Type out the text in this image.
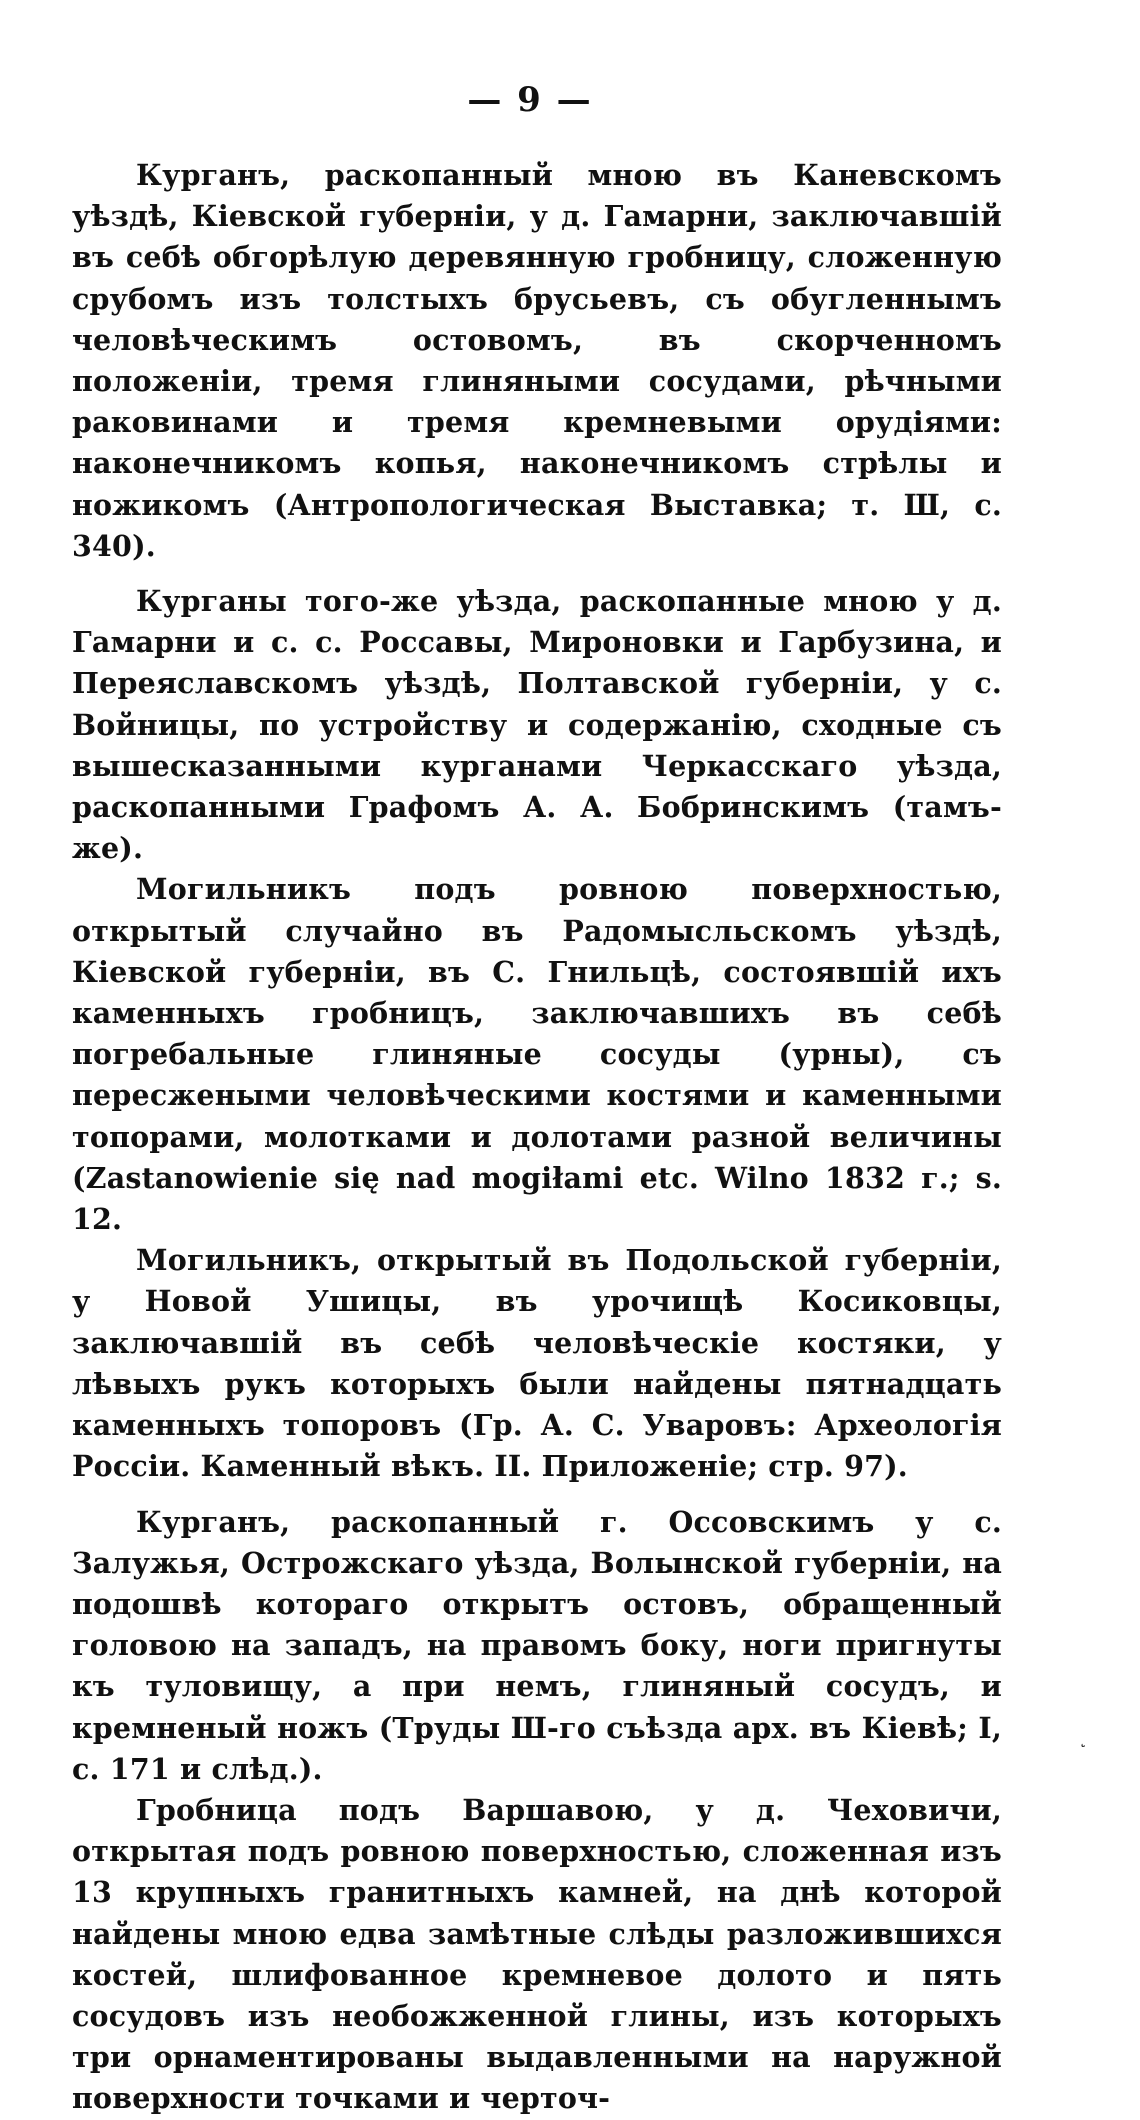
— 9 —

Курганъ, раскопанный мною въ Каневскомъ уѣздѣ, Кіевской губерніи, у д. Гамарни, заключавшій въ себѣ обгорѣлую деревянную гробницу, сложенную срубомъ изъ толстыхъ брусьевъ, съ обугленнымъ человѣческимъ остовомъ, въ скорченномъ положеніи, тремя глиняными сосудами, рѣчными раковинами и тремя кремневыми орудіями: наконечникомъ копья, наконечникомъ стрѣлы и ножикомъ (Антропологическая Выставка; т. Ш, с. 340).

Курганы того-же уѣзда, раскопанные мною у д. Гамарни и с. с. Россавы, Мироновки и Гарбузина, и Переяславскомъ уѣздѣ, Полтавской губерніи, у с. Войницы, по устройству и содержанію, сходные съ вышесказанными курганами Черкасскаго уѣзда, раскопанными Графомъ А. А. Бобринскимъ (тамъ-же).

Могильникъ подъ ровною поверхностью, открытый случайно въ Радомысльскомъ уѣздѣ, Кіевской губерніи, въ С. Гнильцѣ, состоявшій ихъ каменныхъ гробницъ, заключавшихъ въ себѣ погребальные глиняные сосуды (урны), съ пересжеными человѣческими костями и каменными топорами, молотками и долотами разной величины (Zastanowienie się nad mogiłami etc. Wilno 1832 г.; s. 12.

Могильникъ, открытый въ Подольской губерніи, у Новой Ушицы, въ урочищѣ Косиковцы, заключавшій въ себѣ человѣческіе костяки, у лѣвыхъ рукъ которыхъ были найдены пятнадцать каменныхъ топоровъ (Гр. А. С. Уваровъ: Археологія Россіи. Каменный вѣкъ. II. Приложеніе; стр. 97).

Курганъ, раскопанный г. Оссовскимъ у с. Залужья, Острожскаго уѣзда, Волынской губерніи, на подошвѣ котораго открытъ остовъ, обращенный головою на западъ, на правомъ боку, ноги пригнуты къ туловищу, а при немъ, глиняный сосудъ, и кремненый ножъ (Труды Ш-го съѣзда арх. въ Кіевѣ; I, с. 171 и слѣд.).

Гробница подъ Варшавою, у д. Чеховичи, открытая подъ ровною поверхностью, сложенная изъ 13 крупныхъ гранитныхъ камней, на днѣ которой найдены мною едва замѣтные слѣды разложившихся костей, шлифованное кремневое долото и пять сосудовъ изъ необожженной глины, изъ которыхъ три орнаментированы выдавленными на наружной поверхности точками и черточ-

˛
